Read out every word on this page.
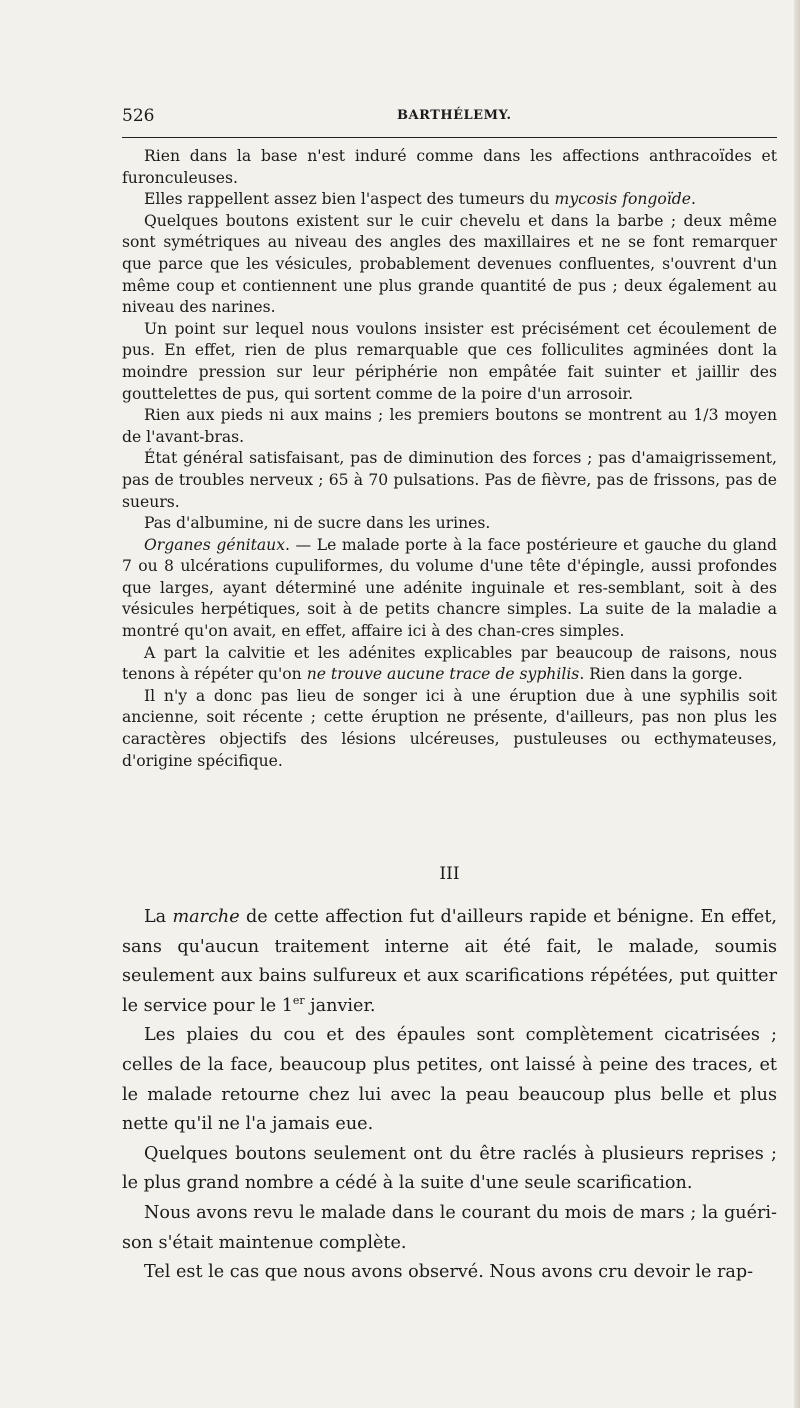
526	BARTHÉLEMY.

Rien dans la base n'est induré comme dans les affections anthracoïdes et furonculeuses.

Elles rappellent assez bien l'aspect des tumeurs du mycosis fongoïde.

Quelques boutons existent sur le cuir chevelu et dans la barbe ; deux même sont symétriques au niveau des angles des maxillaires et ne se font remarquer que parce que les vésicules, probablement devenues confluentes, s'ouvrent d'un même coup et contiennent une plus grande quantité de pus ; deux également au niveau des narines.

Un point sur lequel nous voulons insister est précisément cet écoulement de pus. En effet, rien de plus remarquable que ces folliculites agminées dont la moindre pression sur leur périphérie non empâtée fait suinter et jaillir des gouttelettes de pus, qui sortent comme de la poire d'un arrosoir.

Rien aux pieds ni aux mains ; les premiers boutons se montrent au 1/3 moyen de l'avant-bras.

État général satisfaisant, pas de diminution des forces ; pas d'amaigrissement, pas de troubles nerveux ; 65 à 70 pulsations. Pas de fièvre, pas de frissons, pas de sueurs.

Pas d'albumine, ni de sucre dans les urines.

Organes génitaux. — Le malade porte à la face postérieure et gauche du gland 7 ou 8 ulcérations cupuliformes, du volume d'une tête d'épingle, aussi profondes que larges, ayant déterminé une adénite inguinale et res-semblant, soit à des vésicules herpétiques, soit à de petits chancre simples. La suite de la maladie a montré qu'on avait, en effet, affaire ici à des chan-cres simples.

A part la calvitie et les adénites explicables par beaucoup de raisons, nous tenons à répéter qu'on ne trouve aucune trace de syphilis. Rien dans la gorge.

Il n'y a donc pas lieu de songer ici à une éruption due à une syphilis soit ancienne, soit récente ; cette éruption ne présente, d'ailleurs, pas non plus les caractères objectifs des lésions ulcéreuses, pustuleuses ou ecthymateuses, d'origine spécifique.

III

La marche de cette affection fut d'ailleurs rapide et bénigne. En effet, sans qu'aucun traitement interne ait été fait, le malade, soumis seulement aux bains sulfureux et aux scarifications répétées, put quitter le service pour le 1er janvier.

Les plaies du cou et des épaules sont complètement cicatrisées ; celles de la face, beaucoup plus petites, ont laissé à peine des traces, et le malade retourne chez lui avec la peau beaucoup plus belle et plus nette qu'il ne l'a jamais eue.

Quelques boutons seulement ont du être raclés à plusieurs reprises ; le plus grand nombre a cédé à la suite d'une seule scarification.

Nous avons revu le malade dans le courant du mois de mars ; la guérison s'était maintenue complète.

Tel est le cas que nous avons observé. Nous avons cru devoir le rap-
